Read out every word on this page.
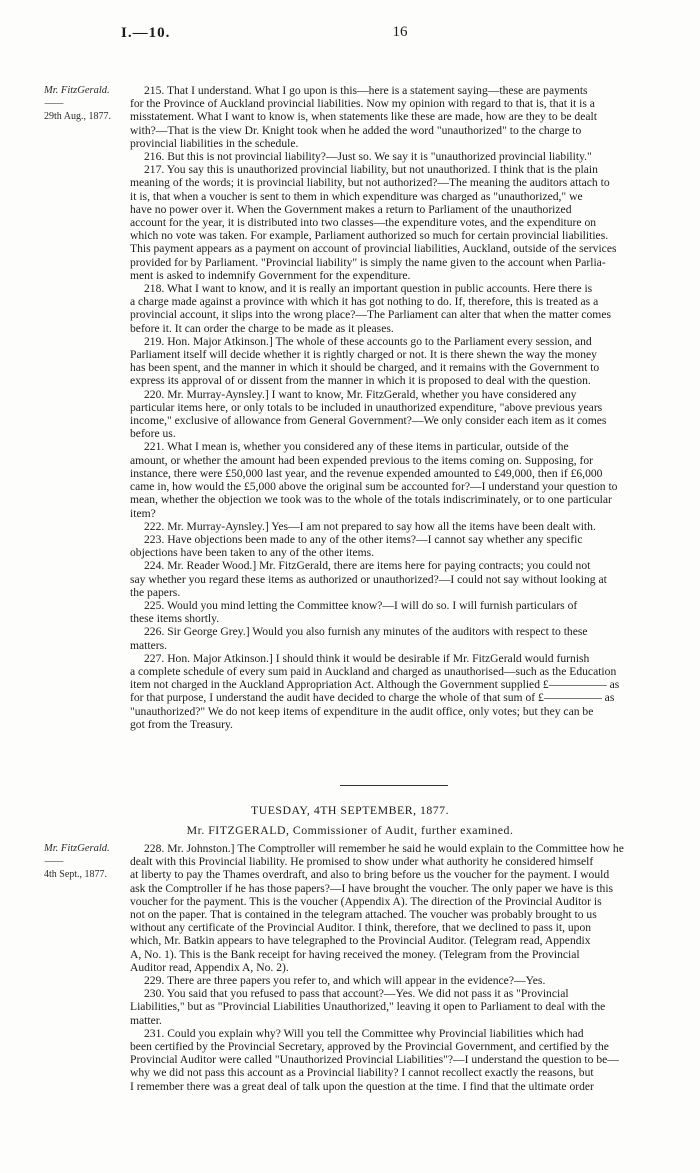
I.—10.	16
Mr. FitzGerald.
——
29th Aug., 1877.

215. That I understand. What I go upon is this—here is a statement saying—these are payments

for the Province of Auckland provincial liabilities. Now my opinion with regard to that is, that it is a

misstatement. What I want to know is, when statements like these are made, how are they to be dealt

with?—That is the view Dr. Knight took when he added the word "unauthorized" to the charge to

provincial liabilities in the schedule.

216. But this is not provincial liability?—Just so. We say it is "unauthorized provincial liability."

217. You say this is unauthorized provincial liability, but not unauthorized. I think that is the plain

meaning of the words; it is provincial liability, but not authorized?—The meaning the auditors attach to

it is, that when a voucher is sent to them in which expenditure was charged as "unauthorized," we

have no power over it. When the Government makes a return to Parliament of the unauthorized

account for the year, it is distributed into two classes—the expenditure votes, and the expenditure on

which no vote was taken. For example, Parliament authorized so much for certain provincial liabilities.

This payment appears as a payment on account of provincial liabilities, Auckland, outside of the services

provided for by Parliament. "Provincial liability" is simply the name given to the account when Parlia-

ment is asked to indemnify Government for the expenditure.

218. What I want to know, and it is really an important question in public accounts. Here there is

a charge made against a province with which it has got nothing to do. If, therefore, this is treated as a

provincial account, it slips into the wrong place?—The Parliament can alter that when the matter comes

before it. It can order the charge to be made as it pleases.

219. Hon. Major Atkinson.] The whole of these accounts go to the Parliament every session, and

Parliament itself will decide whether it is rightly charged or not. It is there shewn the way the money

has been spent, and the manner in which it should be charged, and it remains with the Government to

express its approval of or dissent from the manner in which it is proposed to deal with the question.

220. Mr. Murray-Aynsley.] I want to know, Mr. FitzGerald, whether you have considered any

particular items here, or only totals to be included in unauthorized expenditure, "above previous years

income," exclusive of allowance from General Government?—We only consider each item as it comes

before us.

221. What I mean is, whether you considered any of these items in particular, outside of the

amount, or whether the amount had been expended previous to the items coming on. Supposing, for

instance, there were £50,000 last year, and the revenue expended amounted to £49,000, then if £6,000

came in, how would the £5,000 above the original sum be accounted for?—I understand your question to

mean, whether the objection we took was to the whole of the totals indiscriminately, or to one particular

item?

222. Mr. Murray-Aynsley.] Yes—I am not prepared to say how all the items have been dealt with.

223. Have objections been made to any of the other items?—I cannot say whether any specific

objections have been taken to any of the other items.

224. Mr. Reader Wood.] Mr. FitzGerald, there are items here for paying contracts; you could not

say whether you regard these items as authorized or unauthorized?—I could not say without looking at

the papers.

225. Would you mind letting the Committee know?—I will do so. I will furnish particulars of

these items shortly.

226. Sir George Grey.] Would you also furnish any minutes of the auditors with respect to these

matters.

227. Hon. Major Atkinson.] I should think it would be desirable if Mr. FitzGerald would furnish

a complete schedule of every sum paid in Auckland and charged as unauthorised—such as the Education

item not charged in the Auckland Appropriation Act. Although the Government supplied £————— as

for that purpose, I understand the audit have decided to charge the whole of that sum of £————— as

"unauthorized?" We do not keep items of expenditure in the audit office, only votes; but they can be

got from the Treasury.

TUESDAY, 4TH SEPTEMBER, 1877.
Mr. FITZGERALD, Commissioner of Audit, further examined.
Mr. FitzGerald.
——
4th Sept., 1877.

228. Mr. Johnston.] The Comptroller will remember he said he would explain to the Committee how he

dealt with this Provincial liability. He promised to show under what authority he considered himself

at liberty to pay the Thames overdraft, and also to bring before us the voucher for the payment. I would

ask the Comptroller if he has those papers?—I have brought the voucher. The only paper we have is this

voucher for the payment. This is the voucher (Appendix A). The direction of the Provincial Auditor is

not on the paper. That is contained in the telegram attached. The voucher was probably brought to us

without any certificate of the Provincial Auditor. I think, therefore, that we declined to pass it, upon

which, Mr. Batkin appears to have telegraphed to the Provincial Auditor. (Telegram read, Appendix

A, No. 1). This is the Bank receipt for having received the money. (Telegram from the Provincial

Auditor read, Appendix A, No. 2).

229. There are three papers you refer to, and which will appear in the evidence?—Yes.

230. You said that you refused to pass that account?—Yes. We did not pass it as "Provincial

Liabilities," but as "Provincial Liabilities Unauthorized," leaving it open to Parliament to deal with the

matter.

231. Could you explain why? Will you tell the Committee why Provincial liabilities which had

been certified by the Provincial Secretary, approved by the Provincial Government, and certified by the

Provincial Auditor were called "Unauthorized Provincial Liabilities"?—I understand the question to be—

why we did not pass this account as a Provincial liability? I cannot recollect exactly the reasons, but

I remember there was a great deal of talk upon the question at the time. I find that the ultimate order
